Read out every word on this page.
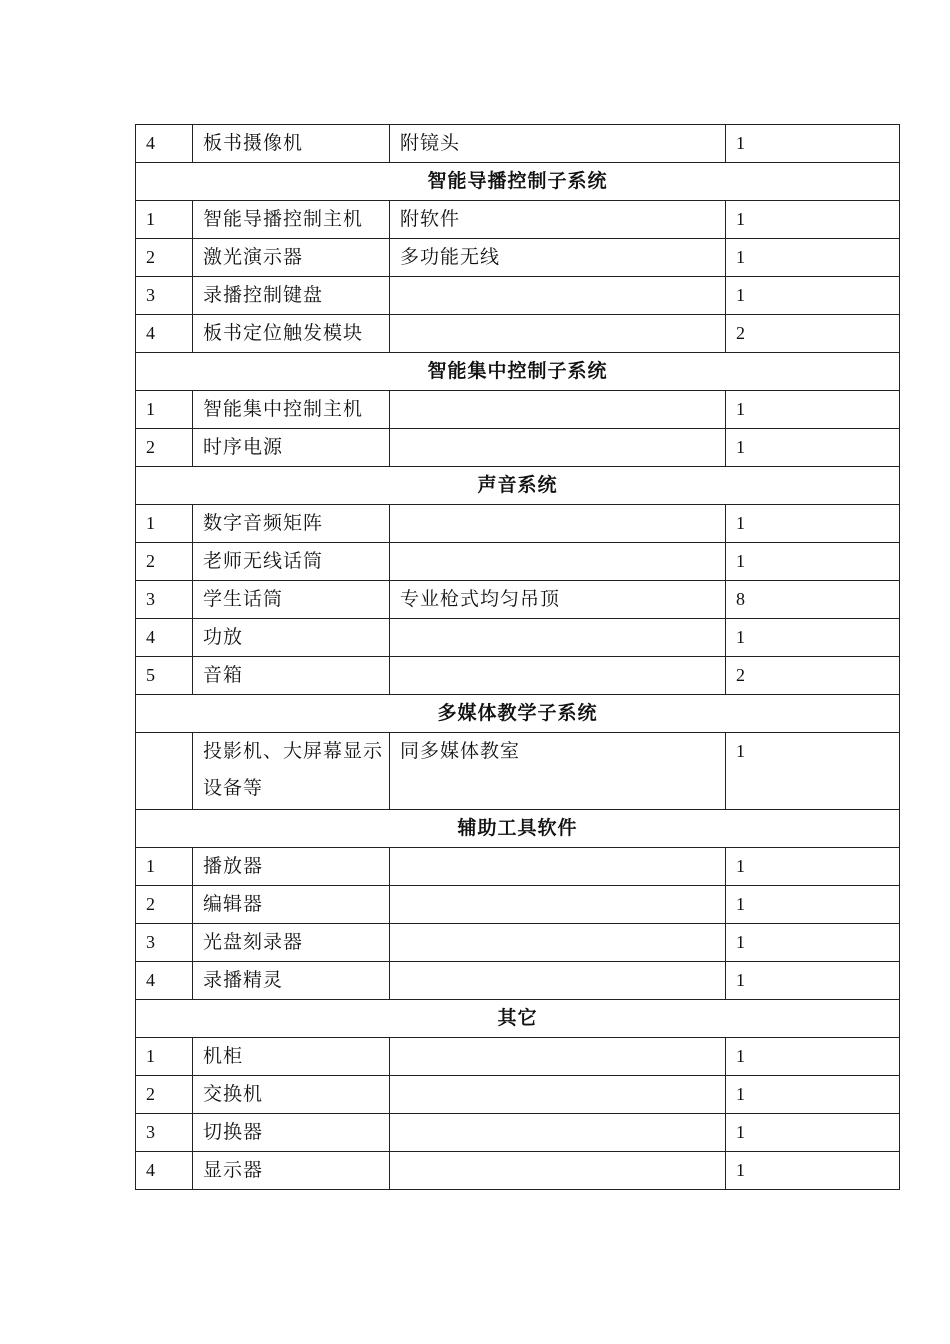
4	板书摄像机	附镜头	1
智能导播控制子系统			
1	智能导播控制主机	附软件	1
2	激光演示器	多功能无线	1
3	录播控制键盘		1
4	板书定位触发模块		2
智能集中控制子系统			
1	智能集中控制主机		1
2	时序电源		1
声音系统			
1	数字音频矩阵		1
2	老师无线话筒		1
3	学生话筒	专业枪式均匀吊顶	8
4	功放		1
5	音箱		2
多媒体教学子系统			
	投影机、大屏幕显示设备等	同多媒体教室	1
辅助工具软件			
1	播放器		1
2	编辑器		1
3	光盘刻录器		1
4	录播精灵		1
其它			
1	机柜		1
2	交换机		1
3	切换器		1
4	显示器		1
